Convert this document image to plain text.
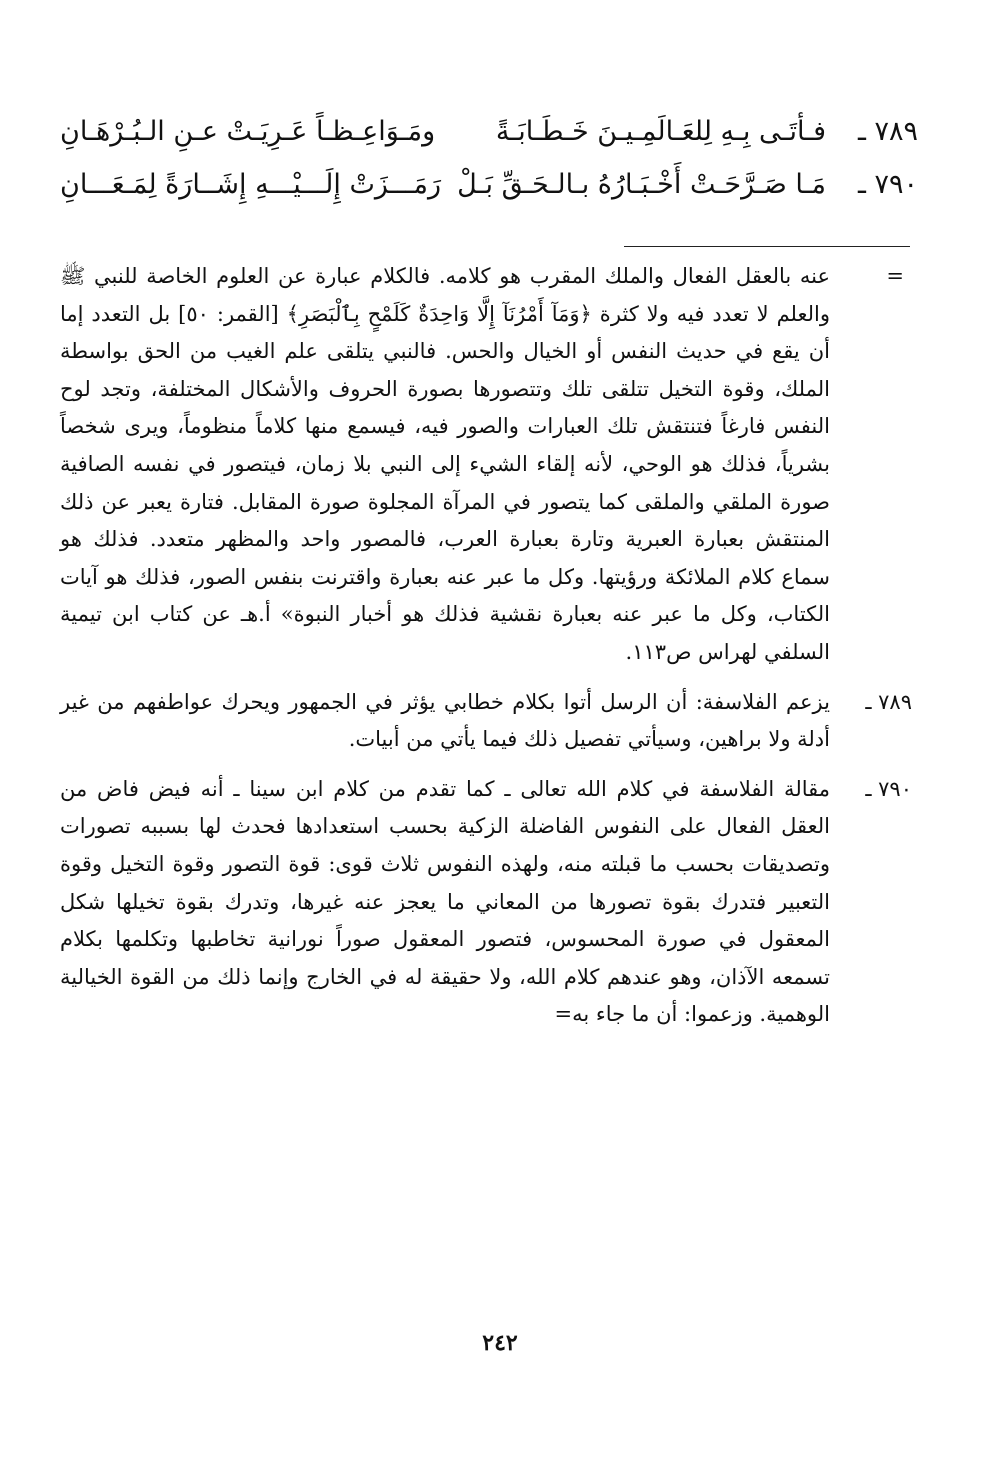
٧٨٩ ـ
فـأتَـى بِـهِ لِلعَـالَمِـيـنَ خَـطَـابَـةً
ومَـوَاعِـظـاً عَـرِيَـتْ عـنِ الـبُـرْهَـانِ
٧٩٠ ـ
مَـا صَـرَّحَـتْ أَخْـبَـارُهُ بـالـحَـقِّ بَـلْ
رَمَـــزَتْ إِلَـــيْـــهِ إِشَــارَةً لِمَـعَـــانِ
=

عنه بالعقل الفعال والملك المقرب هو كلامه. فالكلام عبارة عن العلوم الخاصة للنبي ﷺ والعلم لا تعدد فيه ولا كثرة ﴿وَمَآ أَمْرُنَآ إِلَّا وَاحِدَةٌ كَلَمْحٍ بِٱلْبَصَرِ﴾ [القمر: ٥٠] بل التعدد إما أن يقع في حديث النفس أو الخيال والحس. فالنبي يتلقى علم الغيب من الحق بواسطة الملك، وقوة التخيل تتلقى تلك وتتصورها بصورة الحروف والأشكال المختلفة، وتجد لوح النفس فارغاً فتنتقش تلك العبارات والصور فيه، فيسمع منها كلاماً منظوماً، ويرى شخصاً بشرياً، فذلك هو الوحي، لأنه إلقاء الشيء إلى النبي بلا زمان، فيتصور في نفسه الصافية صورة الملقي والملقى كما يتصور في المرآة المجلوة صورة المقابل. فتارة يعبر عن ذلك المنتقش بعبارة العبرية وتارة بعبارة العرب، فالمصور واحد والمظهر متعدد. فذلك هو سماع كلام الملائكة ورؤيتها. وكل ما عبر عنه بعبارة واقترنت بنفس الصور، فذلك هو آيات الكتاب، وكل ما عبر عنه بعبارة نقشية فذلك هو أخبار النبوة» أ.هـ عن كتاب ابن تيمية السلفي لهراس ص١١٣.

٧٨٩ ـ

يزعم الفلاسفة: أن الرسل أتوا بكلام خطابي يؤثر في الجمهور ويحرك عواطفهم من غير أدلة ولا براهين، وسيأتي تفصيل ذلك فيما يأتي من أبيات.

٧٩٠ ـ

مقالة الفلاسفة في كلام الله تعالى ـ كما تقدم من كلام ابن سينا ـ أنه فيض فاض من العقل الفعال على النفوس الفاضلة الزكية بحسب استعدادها فحدث لها بسببه تصورات وتصديقات بحسب ما قبلته منه، ولهذه النفوس ثلاث قوى: قوة التصور وقوة التخيل وقوة التعبير فتدرك بقوة تصورها من المعاني ما يعجز عنه غيرها، وتدرك بقوة تخيلها شكل المعقول في صورة المحسوس، فتصور المعقول صوراً نورانية تخاطبها وتكلمها بكلام تسمعه الآذان، وهو عندهم كلام الله، ولا حقيقة له في الخارج وإنما ذلك من القوة الخيالية الوهمية. وزعموا: أن ما جاء به=

٢٤٢
